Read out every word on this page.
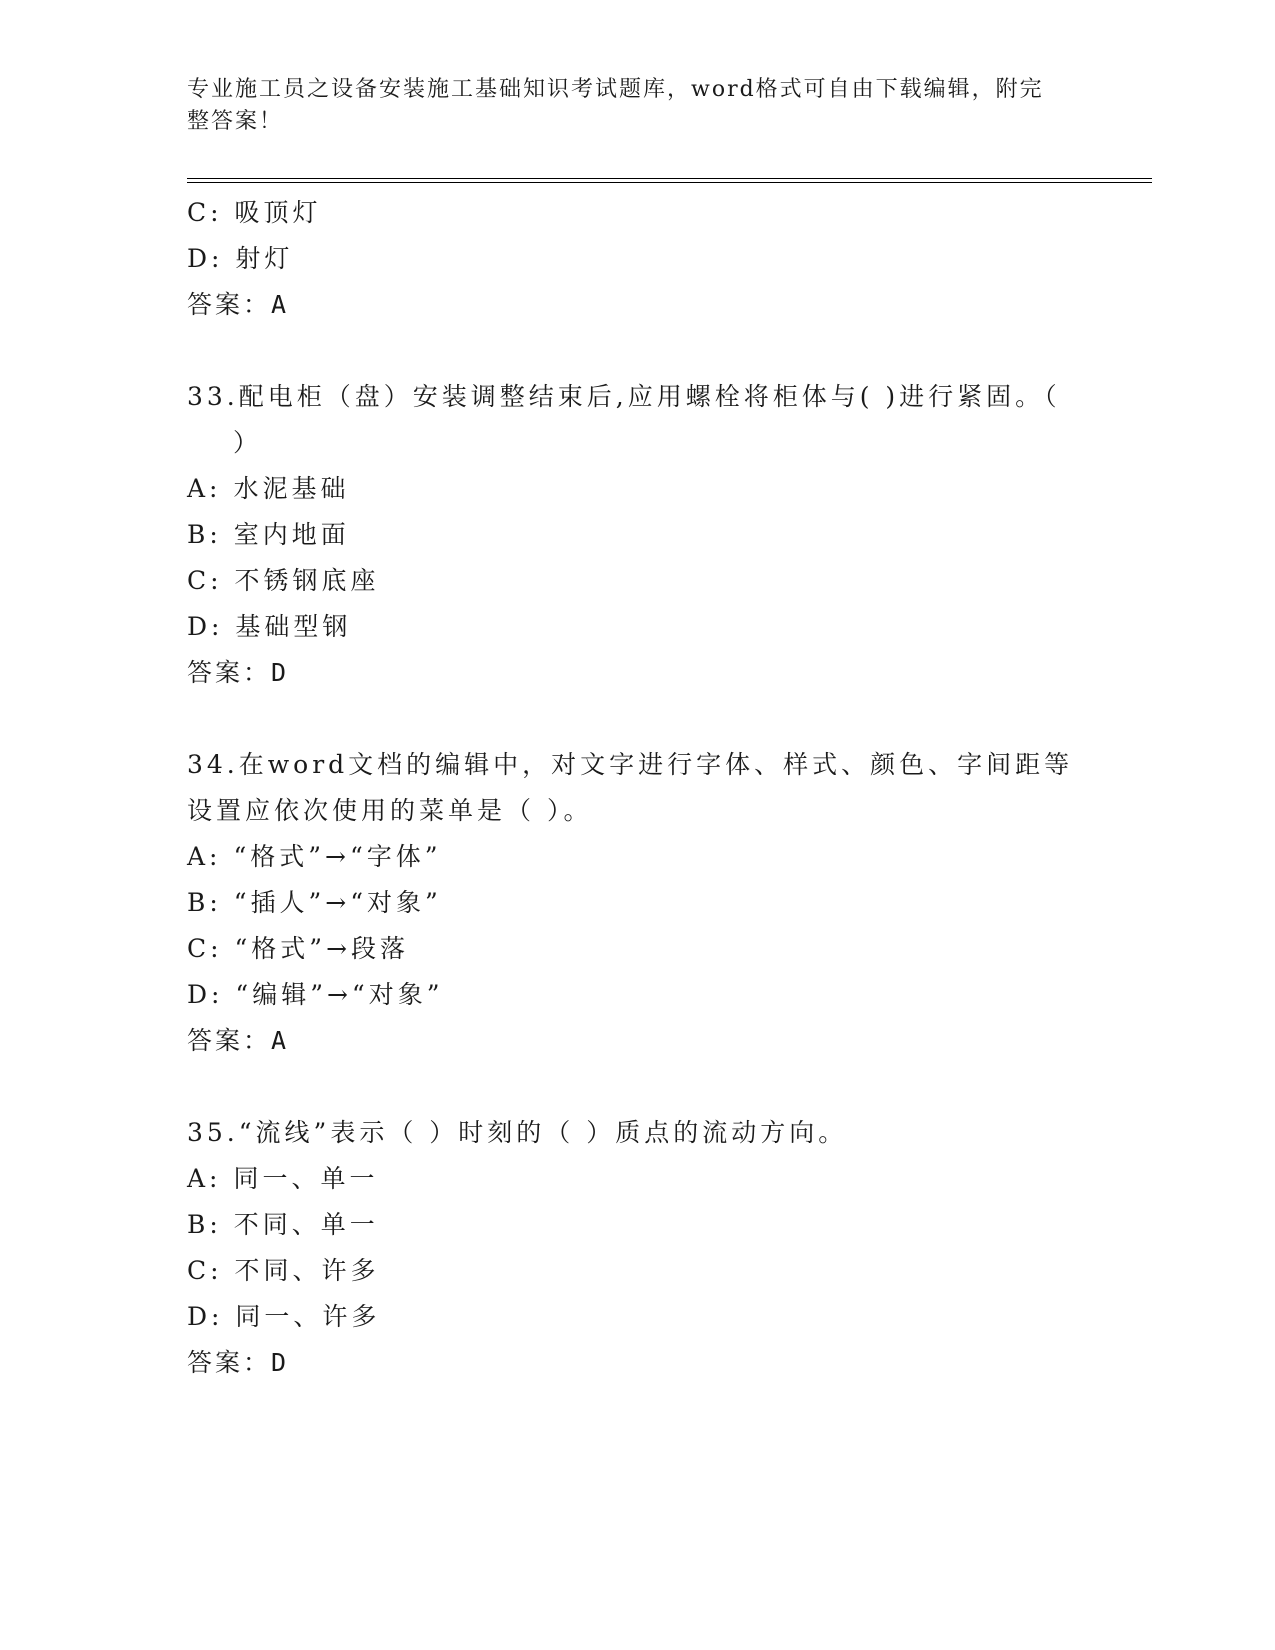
专业施工员之设备安装施工基础知识考试题库，word格式可自由下载编辑，附完整答案！
C: 吸顶灯
D: 射灯
答案：A
33.配电柜（盘）安装调整结束后,应用螺栓将柜体与( )进行紧固。（
）
A: 水泥基础
B: 室内地面
C: 不锈钢底座
D: 基础型钢
答案：D
34.在word文档的编辑中，对文字进行字体、样式、颜色、字间距等
设置应依次使用的菜单是（ ）。
A: “格式”→“字体”
B: “插人”→“对象”
C: “格式”→段落
D: “编辑”→“对象”
答案：A
35.“流线”表示（ ）时刻的（ ）质点的流动方向。
A: 同一、单一
B: 不同、单一
C: 不同、许多
D: 同一、许多
答案：D
